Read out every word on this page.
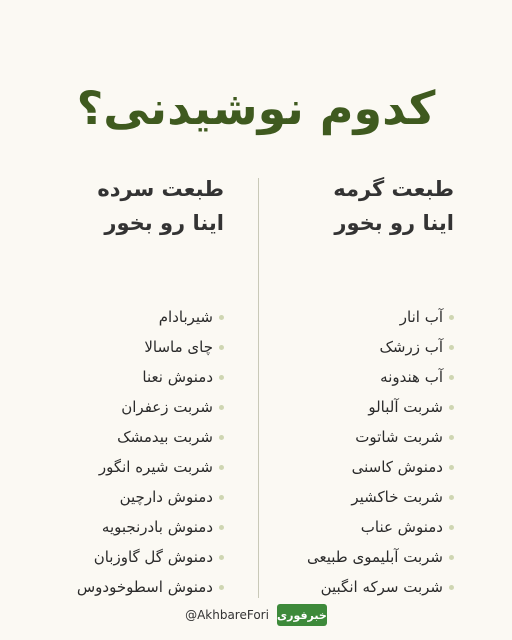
کدوم نوشیدنی؟
طبعت گرمه
اینا رو بخور
آب انار
آب زرشک
آب هندونه
شربت آلبالو
شربت شاتوت
دمنوش کاسنی
شربت خاکشیر
دمنوش عناب
شربت آبلیموی طبیعی
شربت سرکه انگبین
طبعت سرده
اینا رو بخور
شیربادام
چای ماسالا
دمنوش نعنا
شربت زعفران
شربت بیدمشک
شربت شیره انگور
دمنوش دارچین
دمنوش بادرنجبویه
دمنوش گل گاوزبان
دمنوش اسطوخودوس
@AkhbareFori خبرفوری
